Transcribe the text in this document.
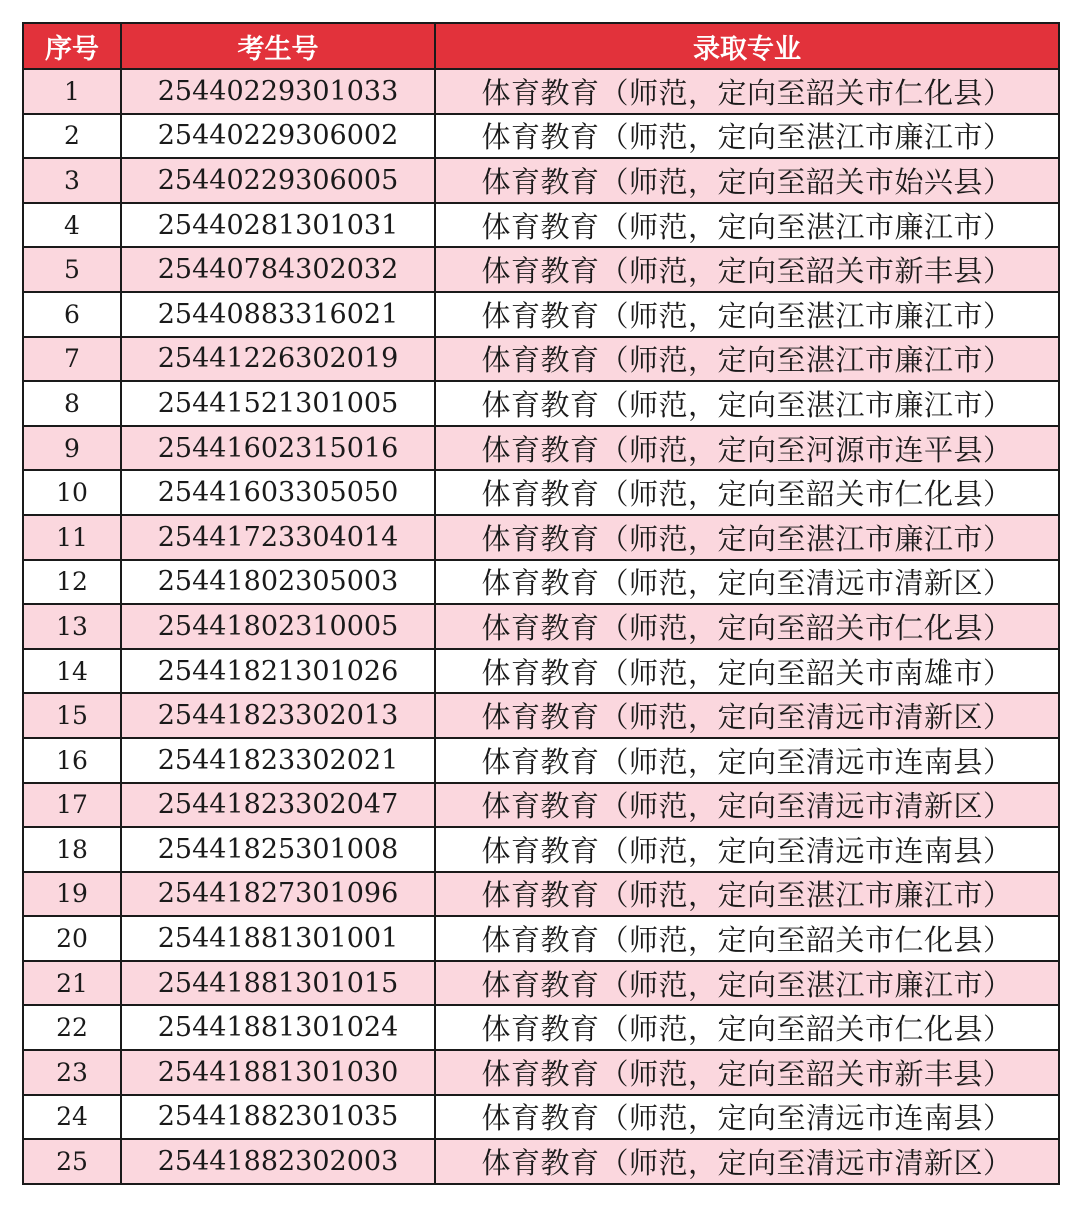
序号	考生号	录取专业
1	25440229301033	体育教育（师范，定向至韶关市仁化县）
2	25440229306002	体育教育（师范，定向至湛江市廉江市）
3	25440229306005	体育教育（师范，定向至韶关市始兴县）
4	25440281301031	体育教育（师范，定向至湛江市廉江市）
5	25440784302032	体育教育（师范，定向至韶关市新丰县）
6	25440883316021	体育教育（师范，定向至湛江市廉江市）
7	25441226302019	体育教育（师范，定向至湛江市廉江市）
8	25441521301005	体育教育（师范，定向至湛江市廉江市）
9	25441602315016	体育教育（师范，定向至河源市连平县）
10	25441603305050	体育教育（师范，定向至韶关市仁化县）
11	25441723304014	体育教育（师范，定向至湛江市廉江市）
12	25441802305003	体育教育（师范，定向至清远市清新区）
13	25441802310005	体育教育（师范，定向至韶关市仁化县）
14	25441821301026	体育教育（师范，定向至韶关市南雄市）
15	25441823302013	体育教育（师范，定向至清远市清新区）
16	25441823302021	体育教育（师范，定向至清远市连南县）
17	25441823302047	体育教育（师范，定向至清远市清新区）
18	25441825301008	体育教育（师范，定向至清远市连南县）
19	25441827301096	体育教育（师范，定向至湛江市廉江市）
20	25441881301001	体育教育（师范，定向至韶关市仁化县）
21	25441881301015	体育教育（师范，定向至湛江市廉江市）
22	25441881301024	体育教育（师范，定向至韶关市仁化县）
23	25441881301030	体育教育（师范，定向至韶关市新丰县）
24	25441882301035	体育教育（师范，定向至清远市连南县）
25	25441882302003	体育教育（师范，定向至清远市清新区）
